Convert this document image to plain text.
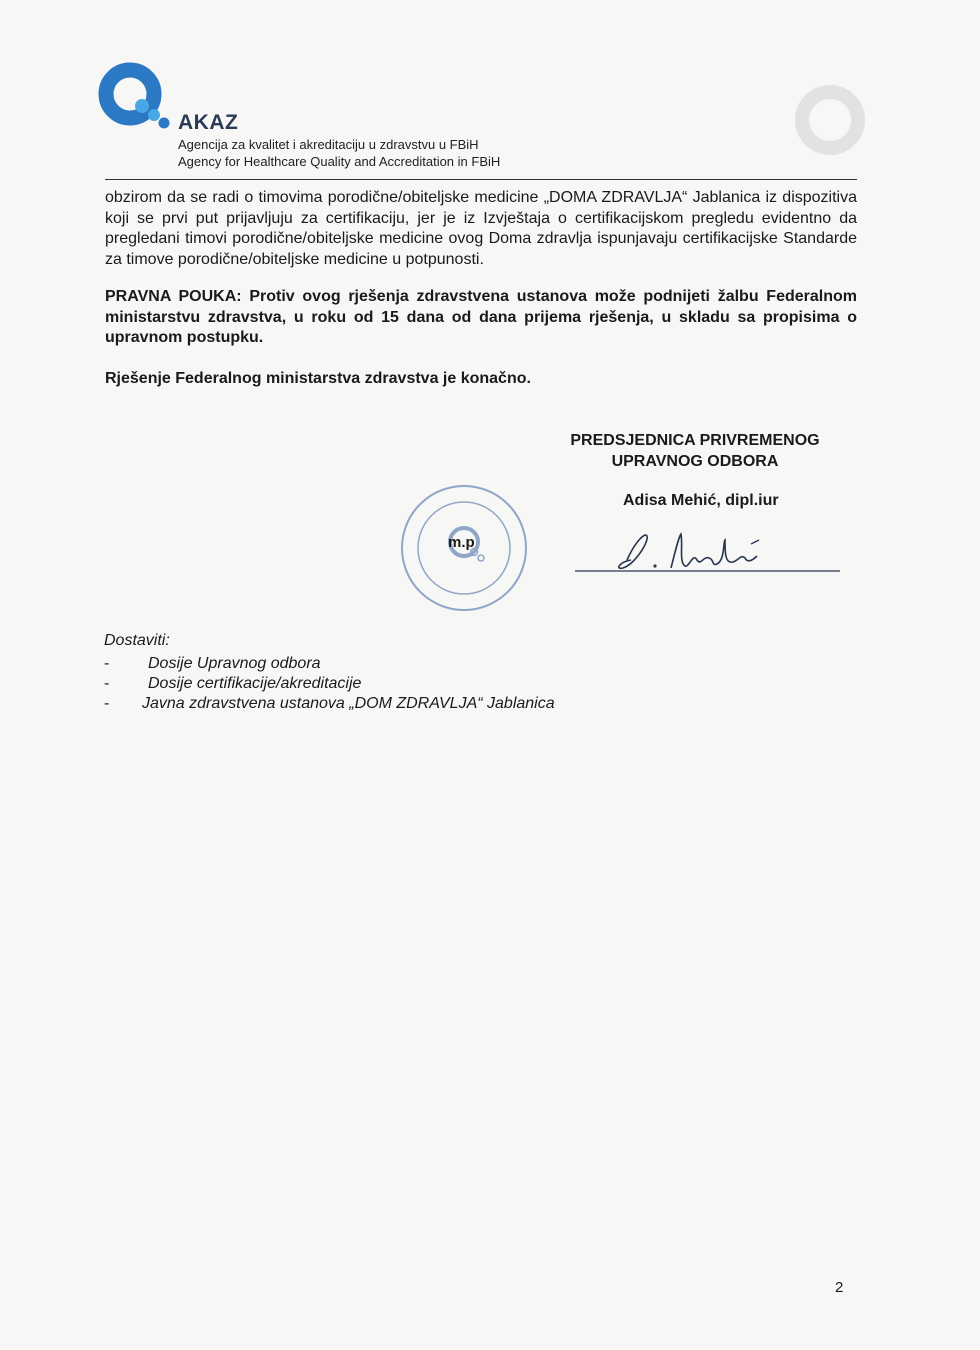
AKAZ
Agencija za kvalitet i akreditaciju u zdravstvu u FBiH
Agency for Healthcare Quality and Accreditation in FBiH
obzirom da se radi o timovima porodične/obiteljske medicine „DOMA ZDRAVLJA“ Jablanica iz dispozitiva koji se prvi put prijavljuju za certifikaciju, jer je iz Izvještaja o certifikacijskom pregledu evidentno da pregledani timovi porodične/obiteljske medicine ovog Doma zdravlja ispunjavaju certifikacijske Standarde za timove porodične/obiteljske medicine u potpunosti.
PRAVNA POUKA: Protiv ovog rješenja zdravstvena ustanova može podnijeti žalbu Federalnom ministarstvu zdravstva, u roku od 15 dana od dana prijema rješenja, u skladu sa propisima o upravnom postupku.
Rješenje Federalnog ministarstva zdravstva je konačno.
PREDSJEDNICA PRIVREMENOG
UPRAVNOG ODBORA
Adisa Mehić, dipl.iur
m.p
Dostaviti:
- Dosije Upravnog odbora
- Dosije certifikacije/akreditacije
- Javna zdravstvena ustanova „DOM ZDRAVLJA“ Jablanica
2
